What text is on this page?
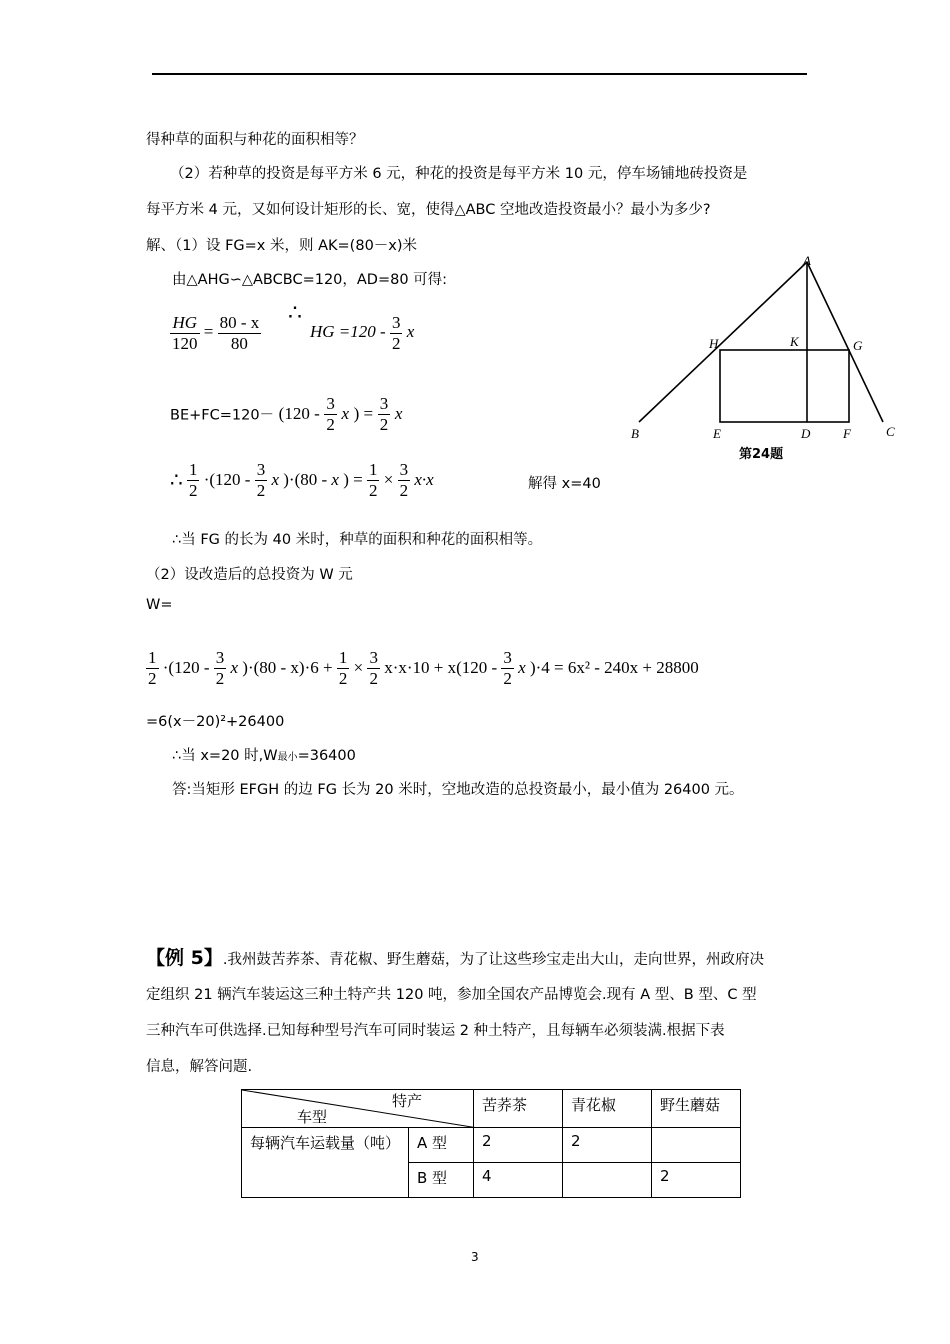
得种草的面积与种花的面积相等？
（2）若种草的投资是每平方米 6 元，种花的投资是每平方米 10 元，停车场铺地砖投资是
每平方米 4 元，又如何设计矩形的长、宽，使得△ABC 空地改造投资最小？最小为多少?
解、（1）设 FG=x 米，则 AK=(80－x)米
由△AHG∽△ABCBC=120，AD=80 可得:
$\frac{HG}{120} = \frac{80 - x}{80}$
∴
HG $=120 - \frac{3}{2}$ x
$BE+FC=120- (120 - \frac{3}{2}$ x ) = $\frac{3}{2}$ x
∴ $\frac{1}{2} \cdot(120 - \frac{3}{2}$ x )·(80 - x ) = $\frac{1}{2} \times \frac{3}{2} x\cdot x$	解得 x=40
∴当 FG 的长为 40 米时，种草的面积和种花的面积相等。
（2）设改造后的总投资为 W 元
W=
$\frac{1}{2} \cdot(120 - \frac{3}{2}$ x )$\cdot(80 - x)\cdot 6 + \frac{1}{2} \times \frac{3}{2} x\cdot x\cdot 10 + x(120 - \frac{3}{2}$ x )·4 = 6x² - 240x + 28800
=6(x－20)²+26400
∴当 x=20 时,W最小=36400
答:当矩形 EFGH 的边 FG 长为 20 米时，空地改造的总投资最小，最小值为 26400 元。
A
B	C
D
E	F
G
H	K
第24题
【例 5】.我州鼓苦荞茶、青花椒、野生蘑菇，为了让这些珍宝走出大山，走向世界，州政府决
定组织 21 辆汽车装运这三种土特产共 120 吨，参加全国农产品博览会.现有 A 型、B 型、C 型
三种汽车可供选择.已知每种型号汽车可同时装运 2 种土特产，且每辆车必须装满.根据下表
信息，解答问题.
特产
车型		苦荞茶	青花椒	野生蘑菇
每辆汽车运载量（吨）	A 型	2	2	
	B 型	4		2
3
